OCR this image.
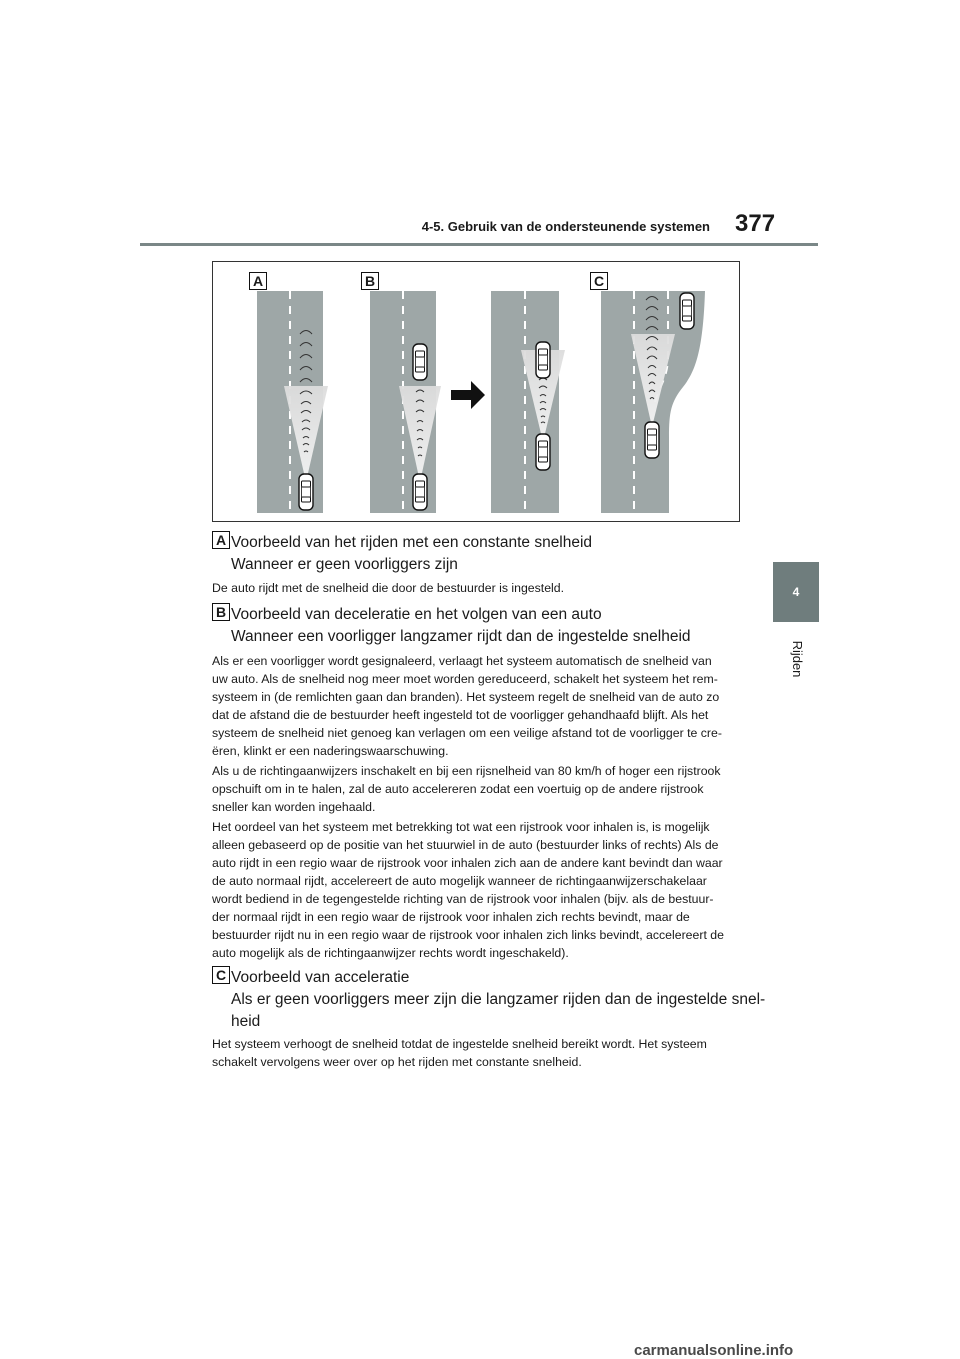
4-5. Gebruik van de ondersteunende systemen 377
4
Rijden
A	B	C
A Voorbeeld van het rijden met een constante snelheid
Wanneer er geen voorliggers zijn

De auto rijdt met de snelheid die door de bestuurder is ingesteld.

B Voorbeeld van deceleratie en het volgen van een auto
Wanneer een voorligger langzamer rijdt dan de ingestelde snelheid

Als er een voorligger wordt gesignaleerd, verlaagt het systeem automatisch de snelheid van
uw auto. Als de snelheid nog meer moet worden gereduceerd, schakelt het systeem het rem-
systeem in (de remlichten gaan dan branden). Het systeem regelt de snelheid van de auto zo
dat de afstand die de bestuurder heeft ingesteld tot de voorligger gehandhaafd blijft. Als het
systeem de snelheid niet genoeg kan verlagen om een veilige afstand tot de voorligger te cre-
ëren, klinkt er een naderingswaarschuwing.

Als u de richtingaanwijzers inschakelt en bij een rijsnelheid van 80 km/h of hoger een rijstrook
opschuift om in te halen, zal de auto accelereren zodat een voertuig op de andere rijstrook
sneller kan worden ingehaald.

Het oordeel van het systeem met betrekking tot wat een rijstrook voor inhalen is, is mogelijk
alleen gebaseerd op de positie van het stuurwiel in de auto (bestuurder links of rechts) Als de
auto rijdt in een regio waar de rijstrook voor inhalen zich aan de andere kant bevindt dan waar
de auto normaal rijdt, accelereert de auto mogelijk wanneer de richtingaanwijzerschakelaar
wordt bediend in de tegengestelde richting van de rijstrook voor inhalen (bijv. als de bestuur-
der normaal rijdt in een regio waar de rijstrook voor inhalen zich rechts bevindt, maar de
bestuurder rijdt nu in een regio waar de rijstrook voor inhalen zich links bevindt, accelereert de
auto mogelijk als de richtingaanwijzer rechts wordt ingeschakeld).

C Voorbeeld van acceleratie
Als er geen voorliggers meer zijn die langzamer rijden dan de ingestelde snel-
heid

Het systeem verhoogt de snelheid totdat de ingestelde snelheid bereikt wordt. Het systeem
schakelt vervolgens weer over op het rijden met constante snelheid.

carmanualsonline.info
